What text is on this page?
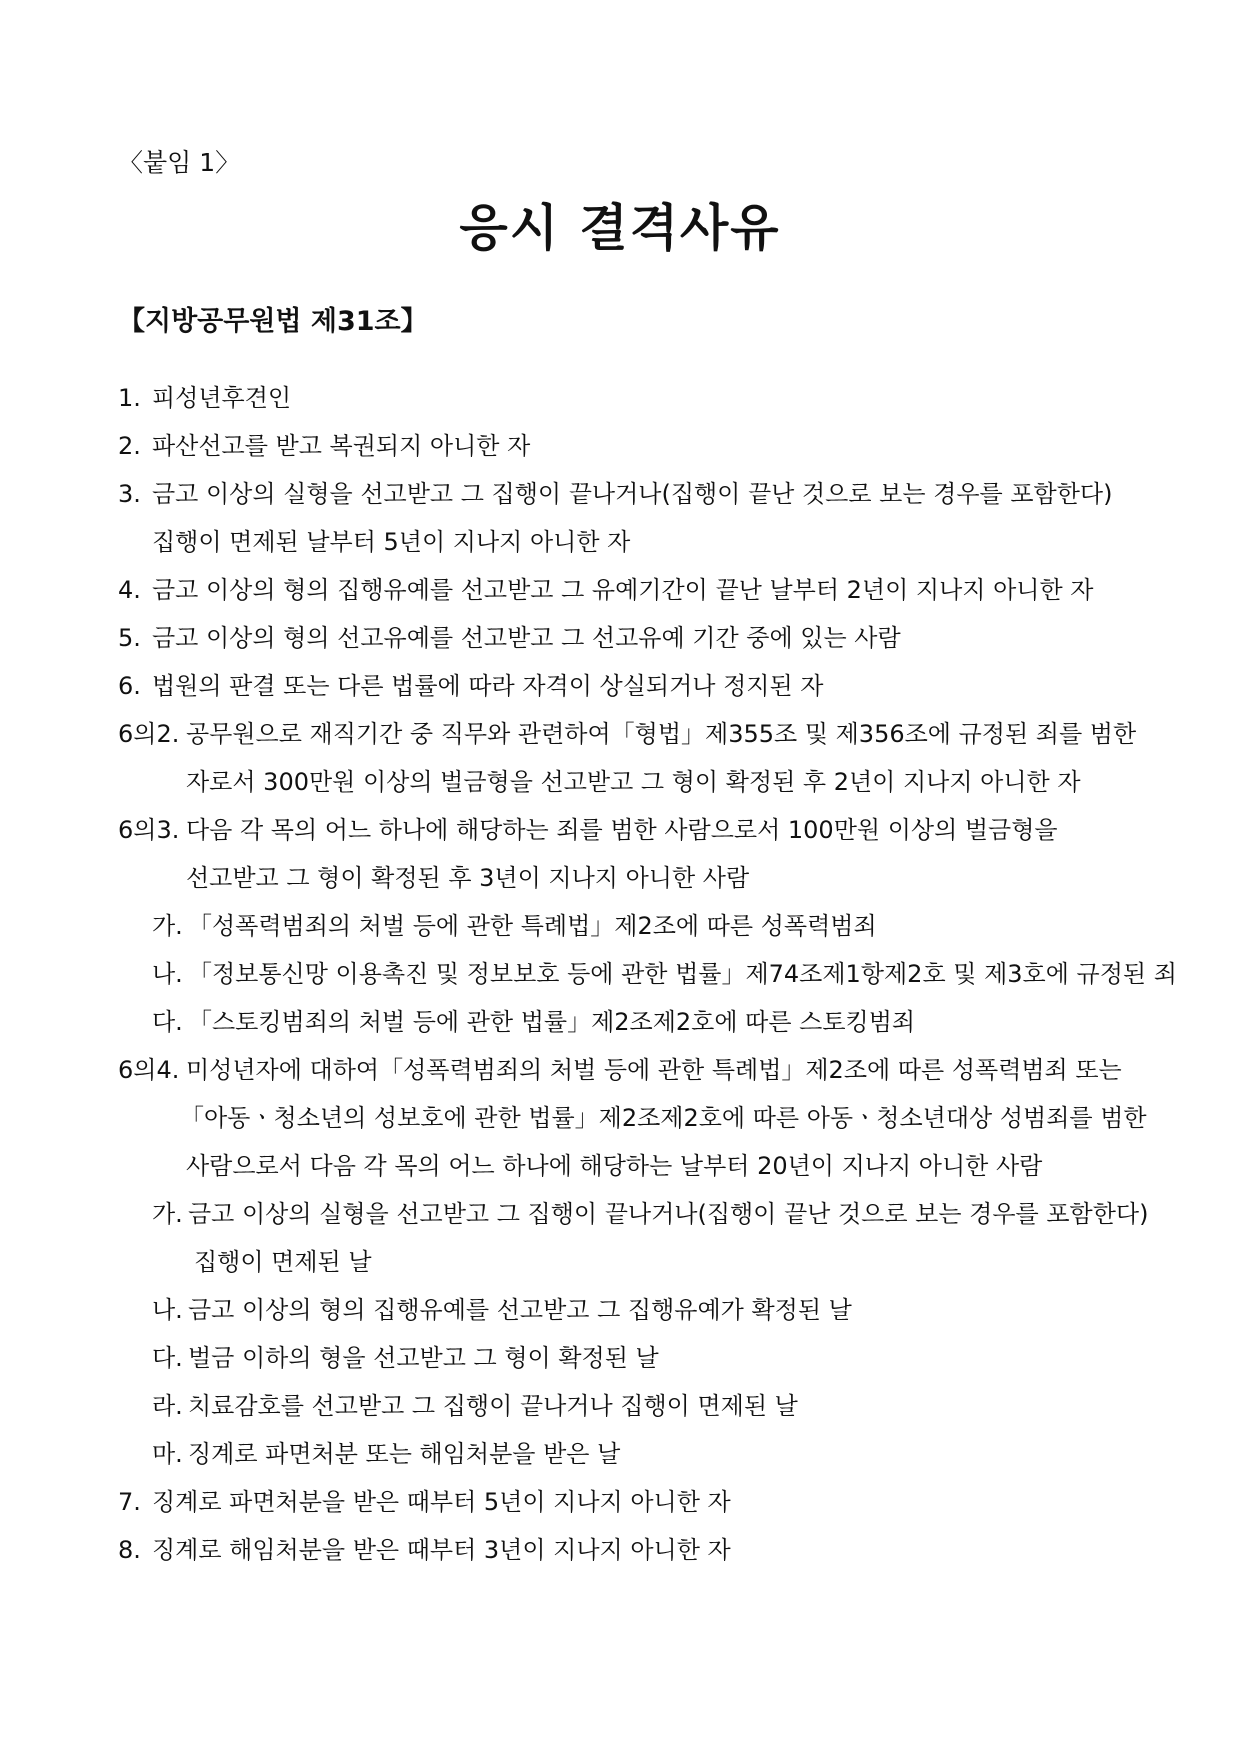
〈붙임 1〉
응시 결격사유
【지방공무원법 제31조】
1. 피성년후견인
2. 파산선고를 받고 복권되지 아니한 자
3. 금고 이상의 실형을 선고받고 그 집행이 끝나거나(집행이 끝난 것으로 보는 경우를 포함한다)
집행이 면제된 날부터 5년이 지나지 아니한 자
4. 금고 이상의 형의 집행유예를 선고받고 그 유예기간이 끝난 날부터 2년이 지나지 아니한 자
5. 금고 이상의 형의 선고유예를 선고받고 그 선고유예 기간 중에 있는 사람
6. 법원의 판결 또는 다른 법률에 따라 자격이 상실되거나 정지된 자
6의2. 공무원으로 재직기간 중 직무와 관련하여「형법」제355조 및 제356조에 규정된 죄를 범한
자로서 300만원 이상의 벌금형을 선고받고 그 형이 확정된 후 2년이 지나지 아니한 자
6의3. 다음 각 목의 어느 하나에 해당하는 죄를 범한 사람으로서 100만원 이상의 벌금형을
선고받고 그 형이 확정된 후 3년이 지나지 아니한 사람
가. 「성폭력범죄의 처벌 등에 관한 특례법」제2조에 따른 성폭력범죄
나. 「정보통신망 이용촉진 및 정보보호 등에 관한 법률」제74조제1항제2호 및 제3호에 규정된 죄
다. 「스토킹범죄의 처벌 등에 관한 법률」제2조제2호에 따른 스토킹범죄
6의4. 미성년자에 대하여「성폭력범죄의 처벌 등에 관한 특례법」제2조에 따른 성폭력범죄 또는
「아동ㆍ청소년의 성보호에 관한 법률」제2조제2호에 따른 아동ㆍ청소년대상 성범죄를 범한
사람으로서 다음 각 목의 어느 하나에 해당하는 날부터 20년이 지나지 아니한 사람
가. 금고 이상의 실형을 선고받고 그 집행이 끝나거나(집행이 끝난 것으로 보는 경우를 포함한다)
집행이 면제된 날
나. 금고 이상의 형의 집행유예를 선고받고 그 집행유예가 확정된 날
다. 벌금 이하의 형을 선고받고 그 형이 확정된 날
라. 치료감호를 선고받고 그 집행이 끝나거나 집행이 면제된 날
마. 징계로 파면처분 또는 해임처분을 받은 날
7. 징계로 파면처분을 받은 때부터 5년이 지나지 아니한 자
8. 징계로 해임처분을 받은 때부터 3년이 지나지 아니한 자
